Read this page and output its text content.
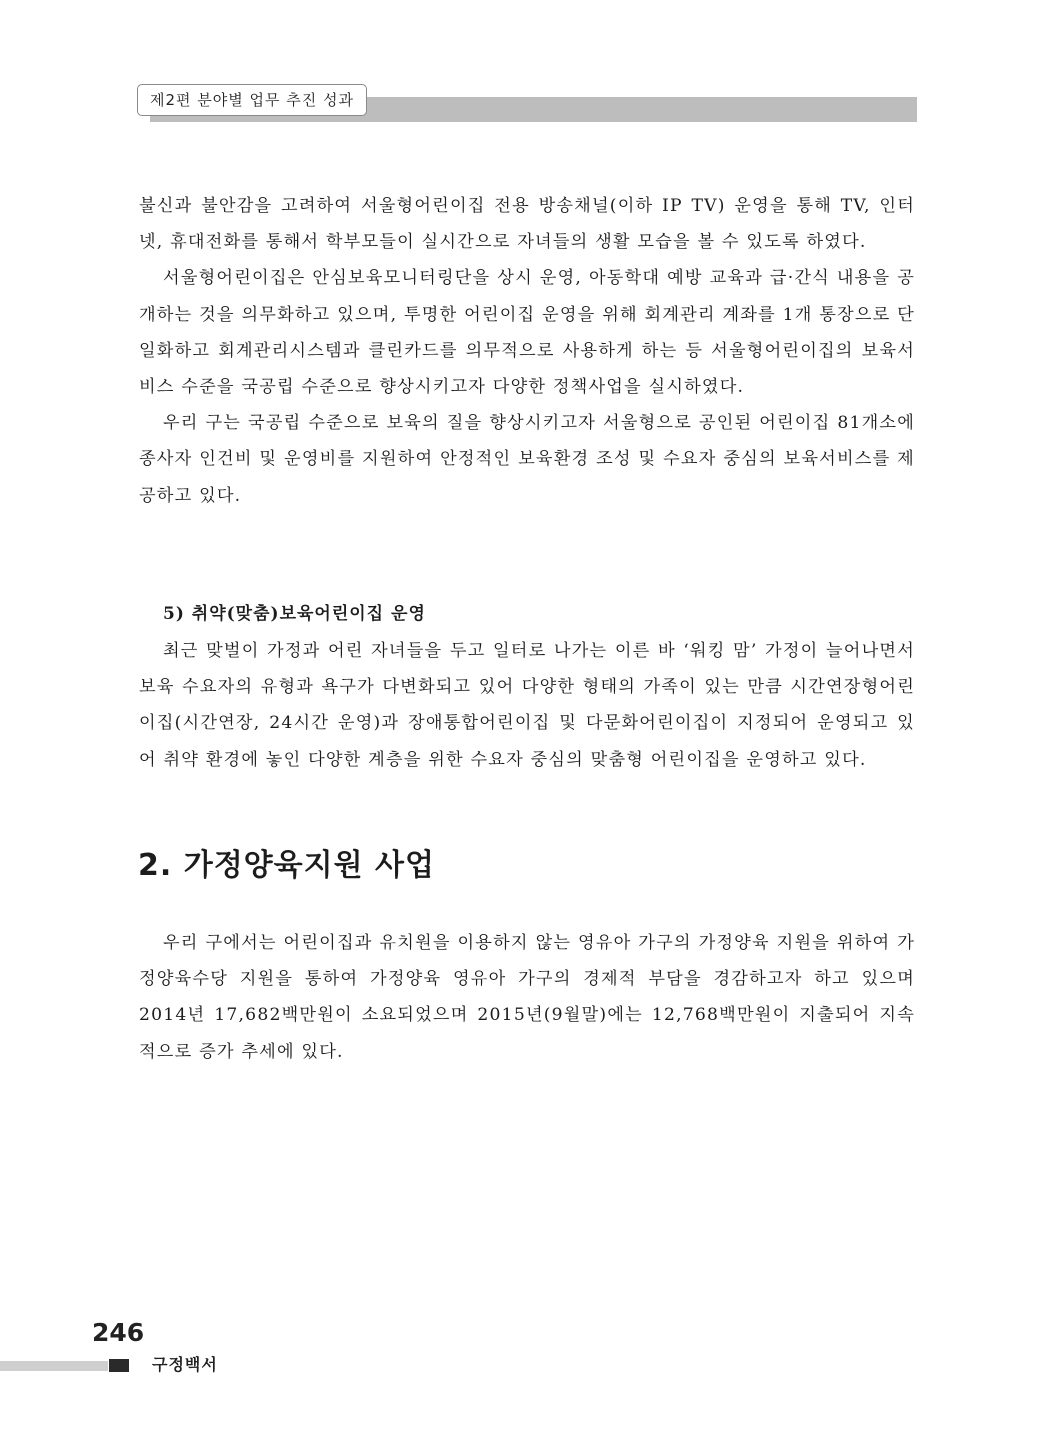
제2편 분야별 업무 추진 성과

불신과 불안감을 고려하여 서울형어린이집 전용 방송채널(이하 IP TV) 운영을 통해 TV, 인터넷, 휴대전화를 통해서 학부모들이 실시간으로 자녀들의 생활 모습을 볼 수 있도록 하였다.

서울형어린이집은 안심보육모니터링단을 상시 운영, 아동학대 예방 교육과 급·간식 내용을 공개하는 것을 의무화하고 있으며, 투명한 어린이집 운영을 위해 회계관리 계좌를 1개 통장으로 단일화하고 회계관리시스템과 클린카드를 의무적으로 사용하게 하는 등 서울형어린이집의 보육서비스 수준을 국공립 수준으로 향상시키고자 다양한 정책사업을 실시하였다.

우리 구는 국공립 수준으로 보육의 질을 향상시키고자 서울형으로 공인된 어린이집 81개소에 종사자 인건비 및 운영비를 지원하여 안정적인 보육환경 조성 및 수요자 중심의 보육서비스를 제공하고 있다.

5) 취약(맞춤)보육어린이집 운영

최근 맞벌이 가정과 어린 자녀들을 두고 일터로 나가는 이른 바 ‘워킹 맘’ 가정이 늘어나면서 보육 수요자의 유형과 욕구가 다변화되고 있어 다양한 형태의 가족이 있는 만큼 시간연장형어린이집(시간연장, 24시간 운영)과 장애통합어린이집 및 다문화어린이집이 지정되어 운영되고 있어 취약 환경에 놓인 다양한 계층을 위한 수요자 중심의 맞춤형 어린이집을 운영하고 있다.

2. 가정양육지원 사업

우리 구에서는 어린이집과 유치원을 이용하지 않는 영유아 가구의 가정양육 지원을 위하여 가정양육수당 지원을 통하여 가정양육 영유아 가구의 경제적 부담을 경감하고자 하고 있으며 2014년 17,682백만원이 소요되었으며 2015년(9월말)에는 12,768백만원이 지출되어 지속적으로 증가 추세에 있다.

246
구정백서
